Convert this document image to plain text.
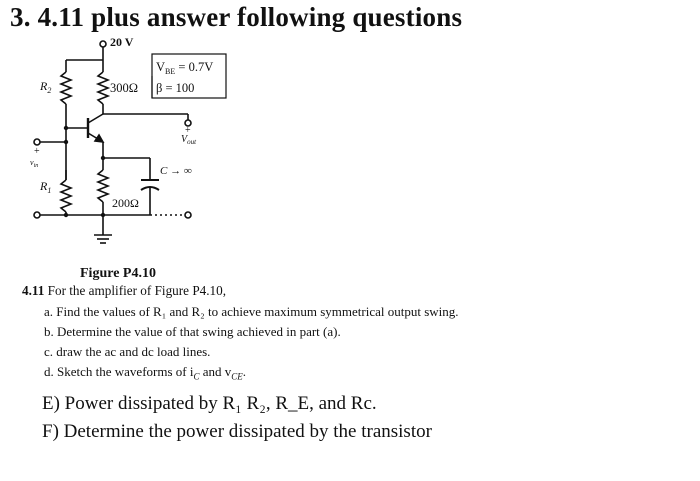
3. 4.11 plus answer following questions
20 V
$V_{BE} = 0.7V$
β = 100
300Ω
200Ω
$R_2$
$R_1$
$V_{out}$
+
+
$v_{in}$	C → ∞
Figure P4.10
4.11 For the amplifier of Figure P4.10,
a. Find the values of R₁ and R₂ to achieve maximum symmetrical output swing.
b. Determine the value of that swing achieved in part (a).
c. draw the ac and dc load lines.
d. Sketch the waveforms of $i_C$ and $v_{CE}$.
E) Power dissipated by R₁ R₂, R_E, and Rc.
F) Determine the power dissipated by the transistor
